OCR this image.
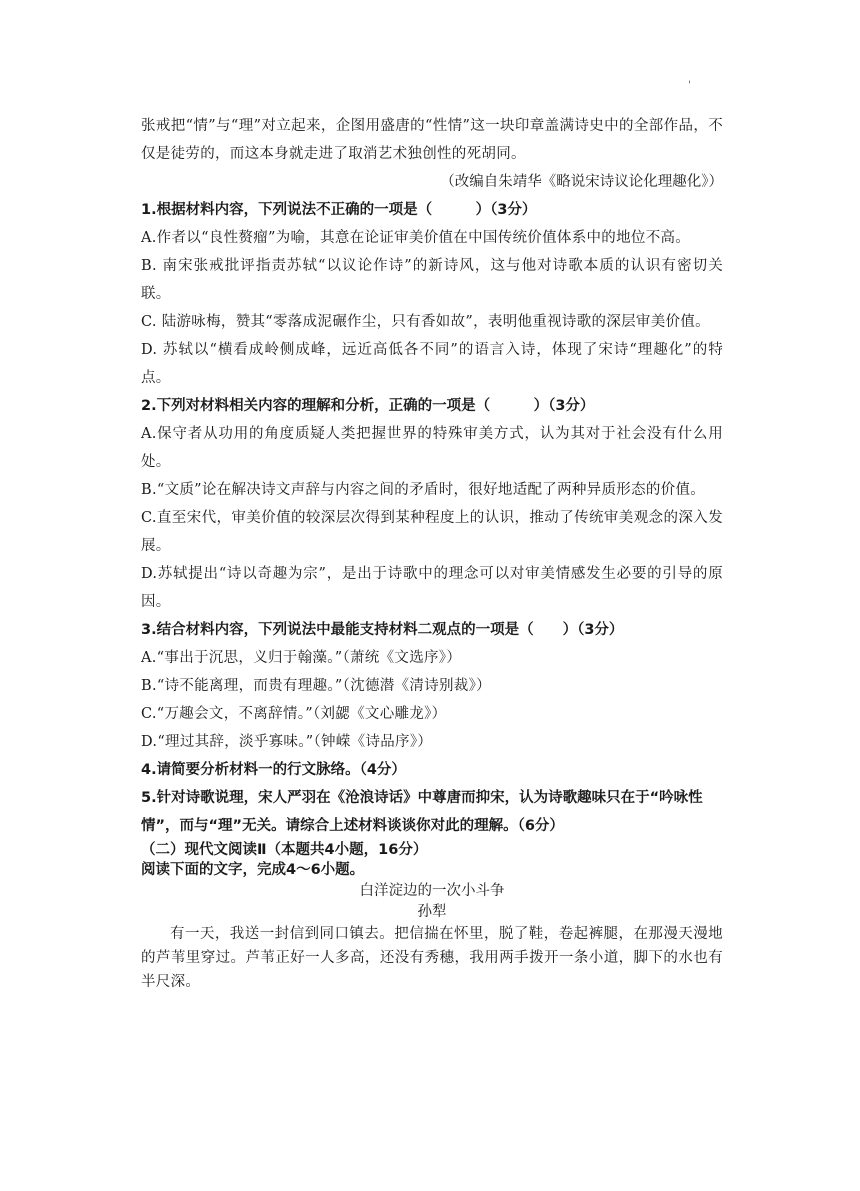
'

张戒把“情”与“理”对立起来，企图用盛唐的“性情”这一块印章盖满诗史中的全部作品，不仅是徒劳的，而这本身就走进了取消艺术独创性的死胡同。

（改编自朱靖华《略说宋诗议论化理趣化》）

1.根据材料内容，下列说法不正确的一项是（　　　）（3分）

A.作者以“良性赘瘤”为喻，其意在论证审美价值在中国传统价值体系中的地位不高。

B. 南宋张戒批评指责苏轼“以议论作诗”的新诗风，这与他对诗歌本质的认识有密切关联。

C. 陆游咏梅，赞其“零落成泥碾作尘，只有香如故”，表明他重视诗歌的深层审美价值。

D. 苏轼以“横看成岭侧成峰，远近高低各不同”的语言入诗，体现了宋诗“理趣化”的特点。

2.下列对材料相关内容的理解和分析，正确的一项是（　　　）（3分）

A.保守者从功用的角度质疑人类把握世界的特殊审美方式，认为其对于社会没有什么用处。

B.“文质”论在解决诗文声辞与内容之间的矛盾时，很好地适配了两种异质形态的价值。

C.直至宋代，审美价值的较深层次得到某种程度上的认识，推动了传统审美观念的深入发展。

D.苏轼提出“诗以奇趣为宗”，是出于诗歌中的理念可以对审美情感发生必要的引导的原因。

3.结合材料内容，下列说法中最能支持材料二观点的一项是（　　）（3分）

A.“事出于沉思，义归于翰藻。”（萧统《文选序》）

B.“诗不能离理，而贵有理趣。”（沈德潜《清诗别裁》）

C.“万趣会文，不离辞情。”（刘勰《文心雕龙》）

D.“理过其辞，淡乎寡味。”（钟嵘《诗品序》）

4.请简要分析材料一的行文脉络。（4分）

5.针对诗歌说理，宋人严羽在《沧浪诗话》中尊唐而抑宋，认为诗歌趣味只在于“吟咏性情”，而与“理”无关。请综合上述材料谈谈你对此的理解。（6分）

（二）现代文阅读Ⅱ（本题共4小题，16分）

阅读下面的文字，完成4～6小题。

白洋淀边的一次小斗争

孙犁

有一天，我送一封信到同口镇去。把信揣在怀里，脱了鞋，卷起裤腿，在那漫天漫地的芦苇里穿过。芦苇正好一人多高，还没有秀穗，我用两手拨开一条小道，脚下的水也有半尺深。
